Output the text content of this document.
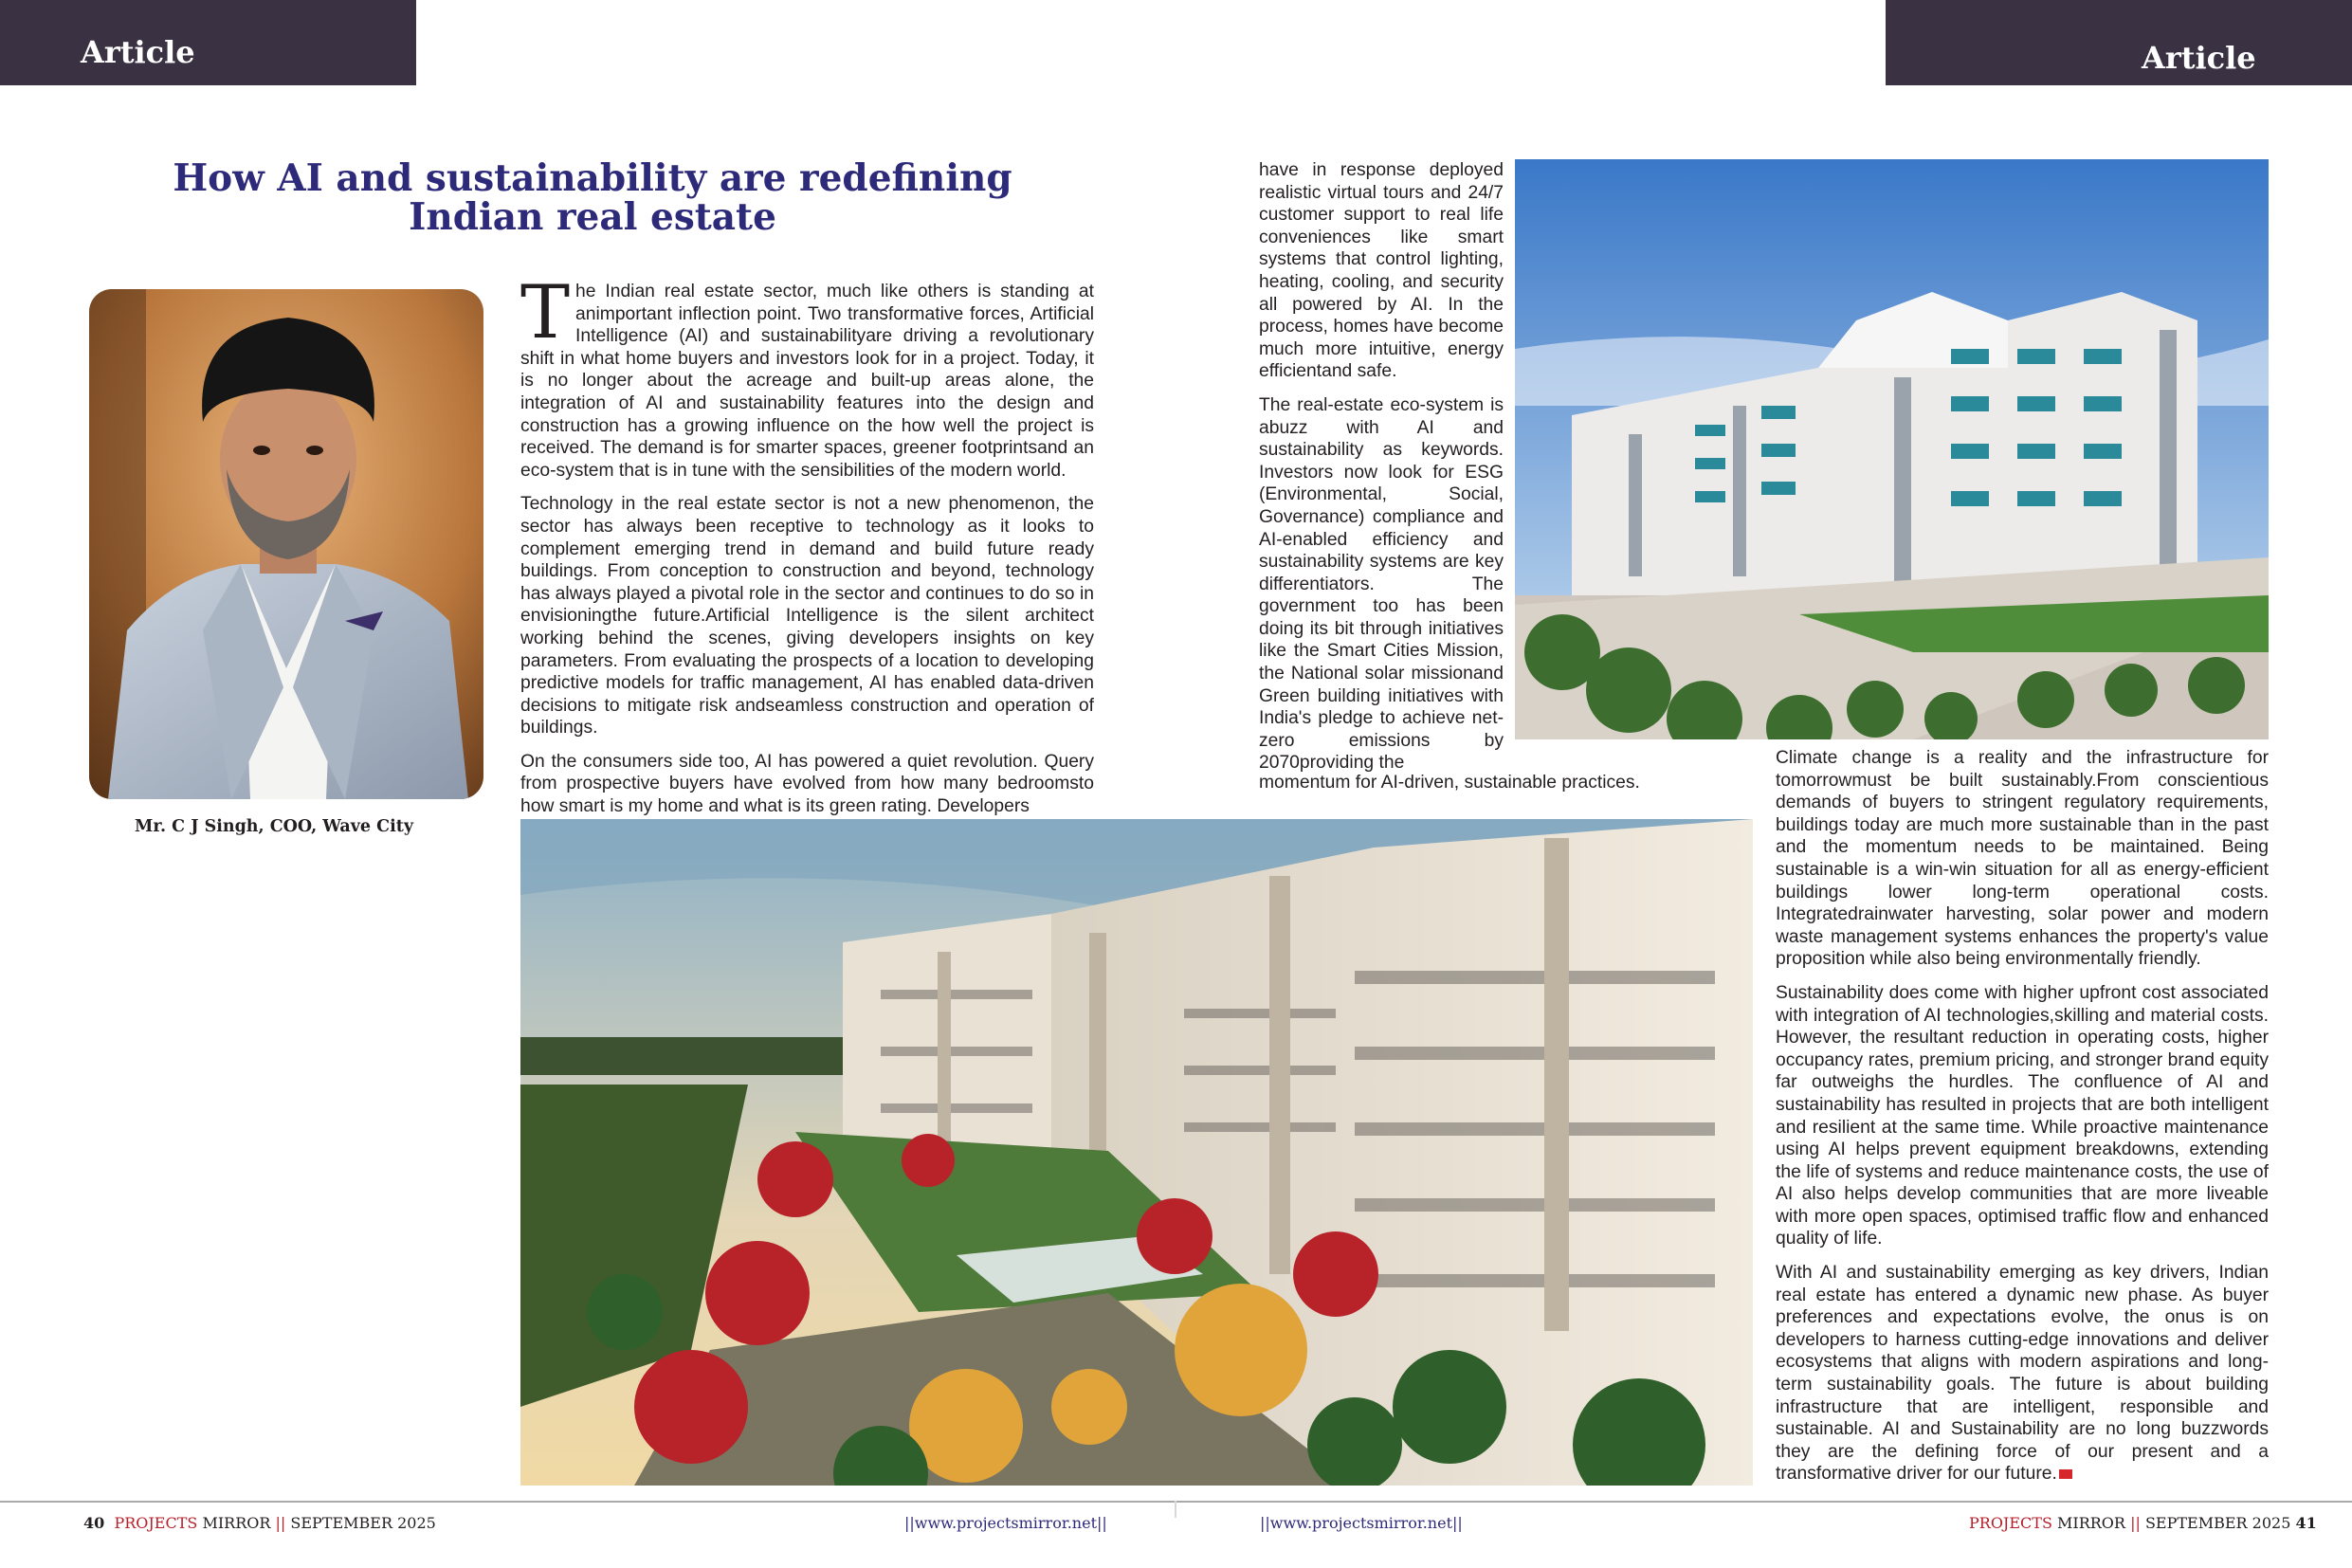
Article	Article
How AI and sustainability are redefining Indian real estate
Mr. C J Singh, COO, Wave City

The Indian real estate sector, much like others is standing at animportant inflection point. Two transformative forces, Artificial Intelligence (AI) and sustainabilityare driving a revolutionary shift in what home buyers and investors look for in a project. Today, it is no longer about the acreage and built-up areas alone, the integration of AI and sustainability features into the design and construction has a growing influence on the how well the project is received. The demand is for smarter spaces, greener footprintsand an eco-system that is in tune with the sensibilities of the modern world.

Technology in the real estate sector is not a new phenomenon, the sector has always been receptive to technology as it looks to complement emerging trend in demand and build future ready buildings. From conception to construction and beyond, technology has always played a pivotal role in the sector and continues to do so in envisioningthe future.Artificial Intelligence is the silent architect working behind the scenes, giving developers insights on key parameters. From evaluating the prospects of a location to developing predictive models for traffic management, AI has enabled data-driven decisions to mitigate risk andseamless construction and operation of buildings.

On the consumers side too, AI has powered a quiet revolution. Query from prospective buyers have evolved from how many bedroomsto how smart is my home and what is its green rating. Developers

have in response deployed realistic virtual tours and 24/7 customer support to real life conveniences like smart systems that control lighting, heating, cooling, and security all powered by AI. In the process, homes have become much more intuitive, energy efficientand safe.

The real-estate eco-system is abuzz with AI and sustainability as keywords. Investors now look for ESG (Environmental, Social, Governance) compliance and AI-enabled efficiency and sustainability systems are key differentiators. The government too has been doing its bit through initiatives like the Smart Cities Mission, the National solar missionand Green building initiatives with India's pledge to achieve net-zero emissions by 2070providing the

momentum for AI-driven, sustainable practices.

Climate change is a reality and the infrastructure for tomorrowmust be built sustainably.From conscientious demands of buyers to stringent regulatory requirements, buildings today are much more sustainable than in the past and the momentum needs to be maintained. Being sustainable is a win-win situation for all as energy-efficient buildings lower long-term operational costs. Integratedrainwater harvesting, solar power and modern waste management systems enhances the property's value proposition while also being environmentally friendly.

Sustainability does come with higher upfront cost associated with integration of AI technologies,skilling and material costs. However, the resultant reduction in operating costs, higher occupancy rates, premium pricing, and stronger brand equity far outweighs the hurdles. The confluence of AI and sustainability has resulted in projects that are both intelligent and resilient at the same time. While proactive maintenance using AI helps prevent equipment breakdowns, extending the life of systems and reduce maintenance costs, the use of AI also helps develop communities that are more liveable with more open spaces, optimised traffic flow and enhanced quality of life.

With AI and sustainability emerging as key drivers, Indian real estate has entered a dynamic new phase. As buyer preferences and expectations evolve, the onus is on developers to harness cutting-edge innovations and deliver ecosystems that aligns with modern aspirations and long-term sustainability goals. The future is about building infrastructure that are intelligent, responsible and sustainable. AI and Sustainability are no long buzzwords they are the defining force of our present and a transformative driver for our future.

40 PROJECTS MIRROR || SEPTEMBER 2025	||www.projectsmirror.net||	||www.projectsmirror.net||	PROJECTS MIRROR || SEPTEMBER 2025 41
